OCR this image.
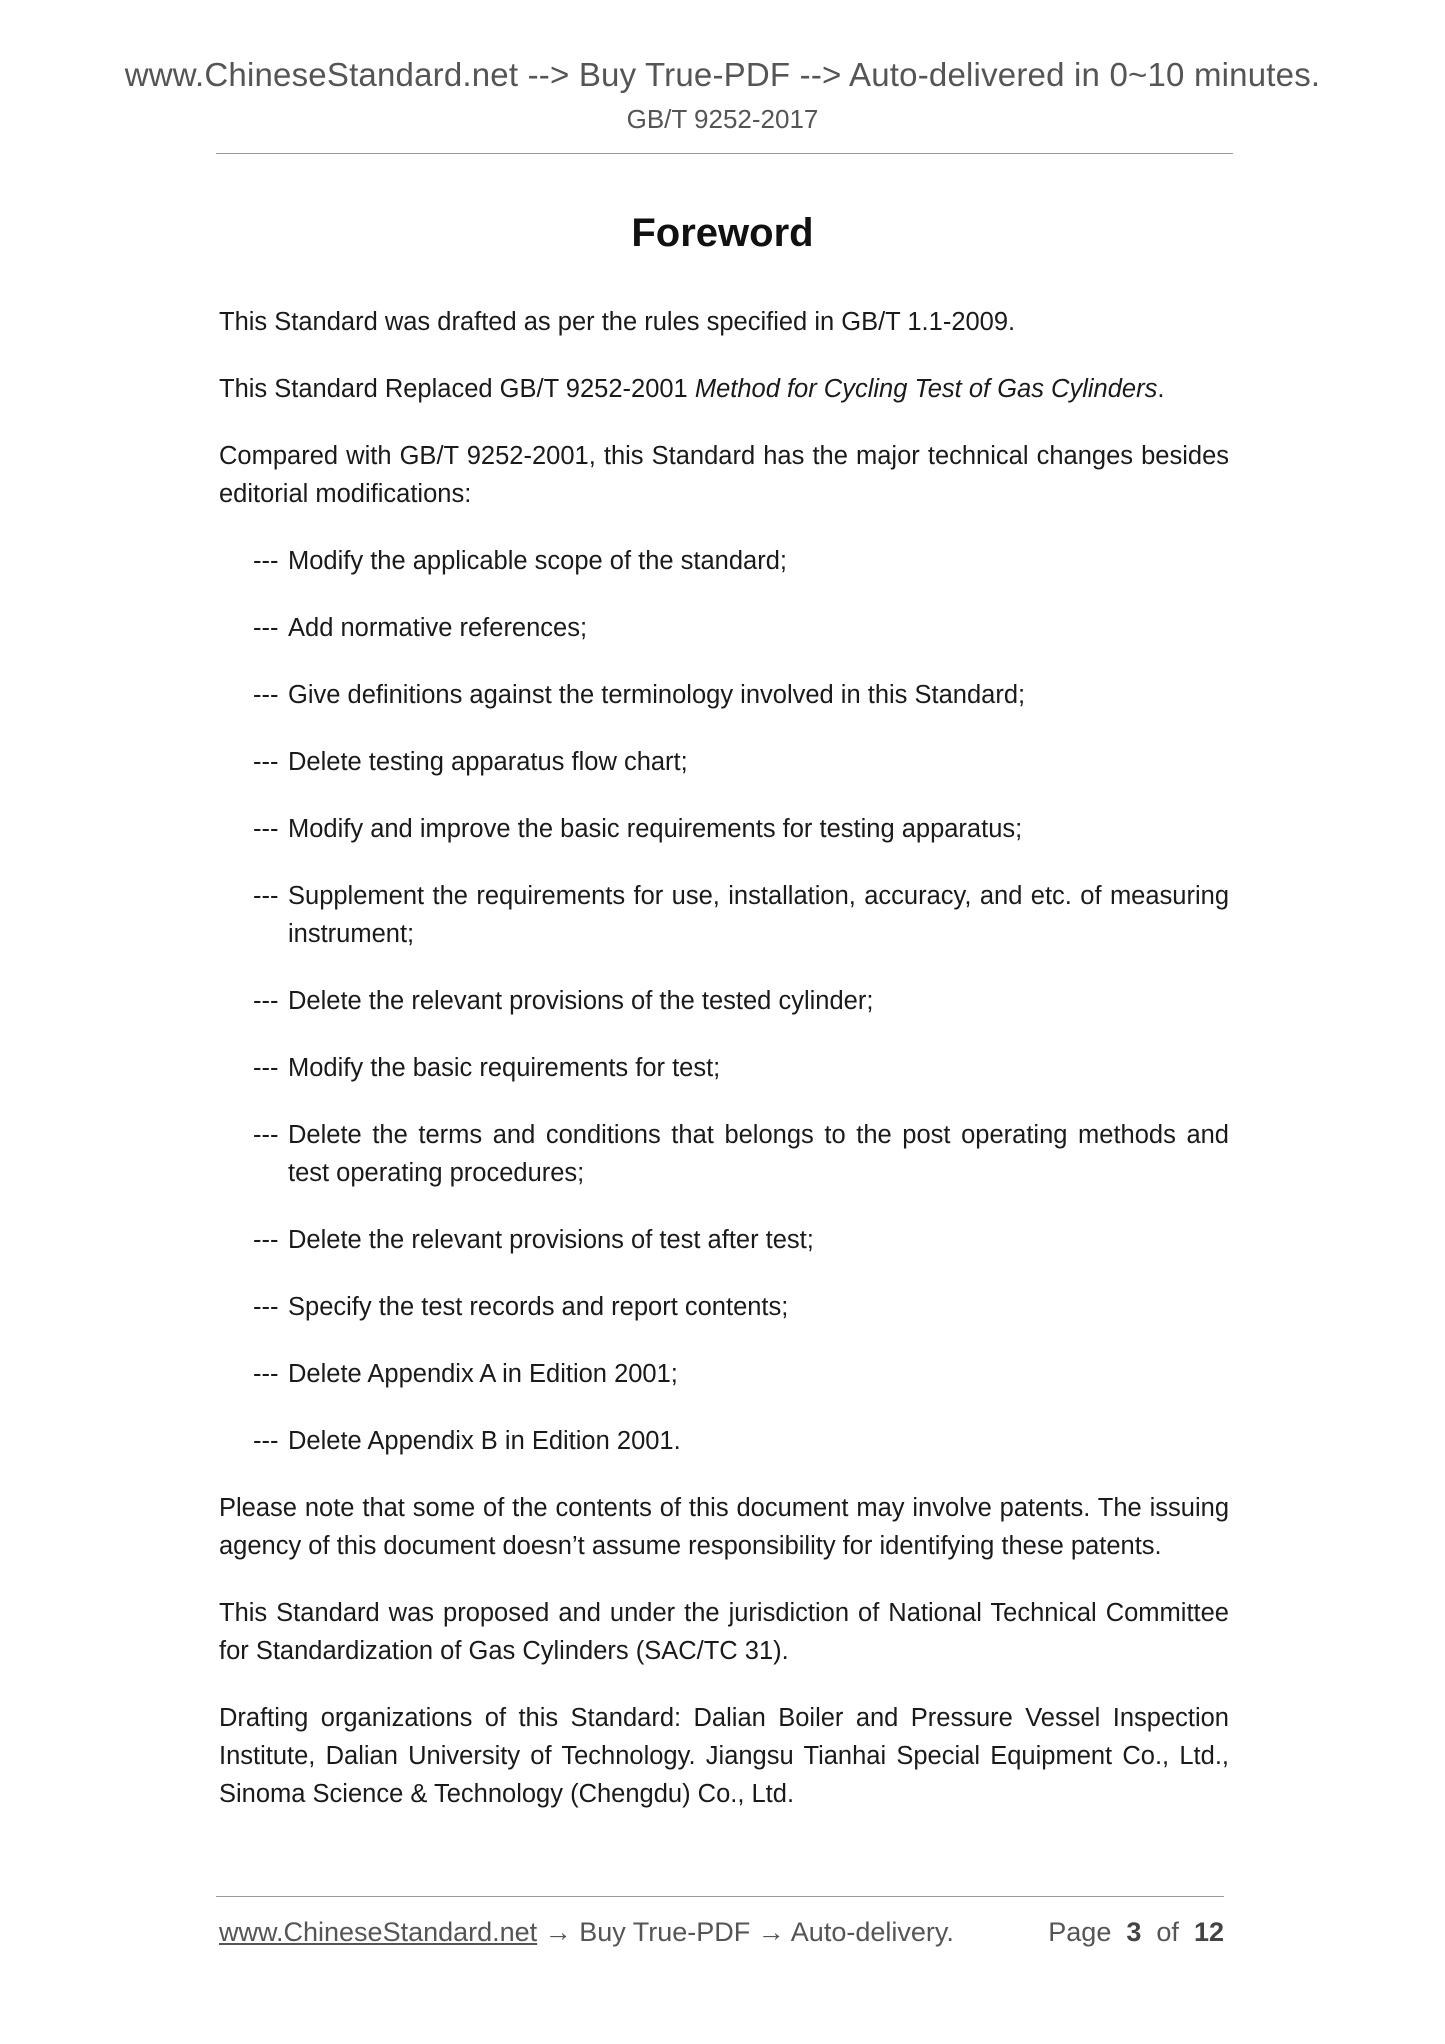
www.ChineseStandard.net --> Buy True-PDF --> Auto-delivered in 0~10 minutes.
GB/T 9252-2017
Foreword

This Standard was drafted as per the rules specified in GB/T 1.1-2009.

This Standard Replaced GB/T 9252-2001 Method for Cycling Test of Gas Cylinders.

Compared with GB/T 9252-2001, this Standard has the major technical changes besides editorial modifications:

--- Modify the applicable scope of the standard;

--- Add normative references;

--- Give definitions against the terminology involved in this Standard;

--- Delete testing apparatus flow chart;

--- Modify and improve the basic requirements for testing apparatus;

--- Supplement the requirements for use, installation, accuracy, and etc. of measuring instrument;

--- Delete the relevant provisions of the tested cylinder;

--- Modify the basic requirements for test;

--- Delete the terms and conditions that belongs to the post operating methods and test operating procedures;

--- Delete the relevant provisions of test after test;

--- Specify the test records and report contents;

--- Delete Appendix A in Edition 2001;

--- Delete Appendix B in Edition 2001.

Please note that some of the contents of this document may involve patents. The issuing agency of this document doesn’t assume responsibility for identifying these patents.

This Standard was proposed and under the jurisdiction of National Technical Committee for Standardization of Gas Cylinders (SAC/TC 31).

Drafting organizations of this Standard: Dalian Boiler and Pressure Vessel Inspection Institute, Dalian University of Technology. Jiangsu Tianhai Special Equipment Co., Ltd., Sinoma Science & Technology (Chengdu) Co., Ltd.

www.ChineseStandard.net → Buy True-PDF → Auto-delivery.	Page 3 of 12
